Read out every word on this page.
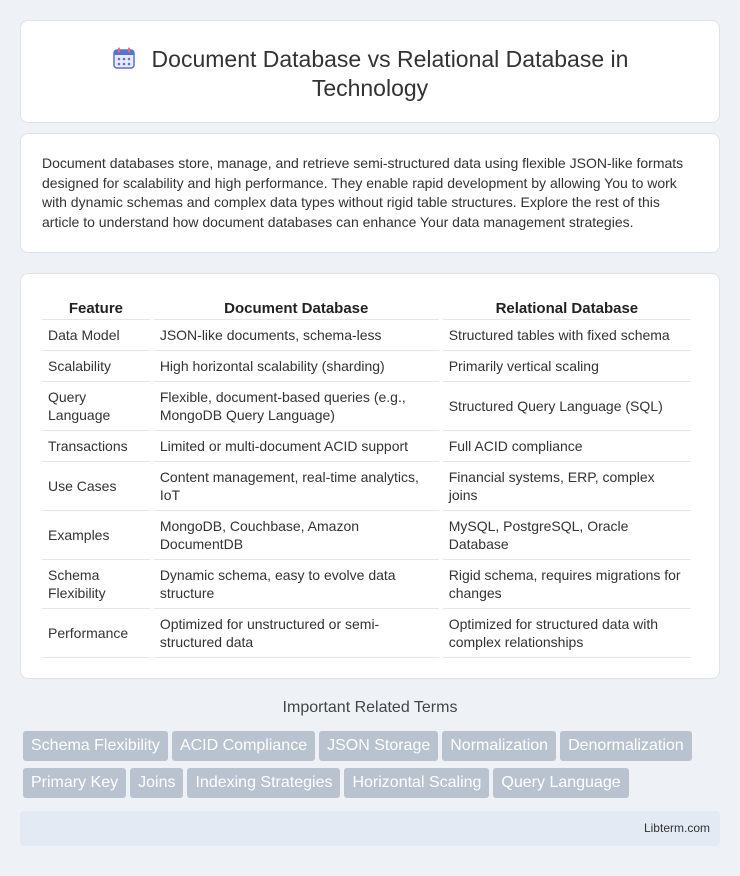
Document Database vs Relational Database in Technology

Document databases store, manage, and retrieve semi-structured data using flexible JSON-like formats designed for scalability and high performance. They enable rapid development by allowing You to work with dynamic schemas and complex data types without rigid table structures. Explore the rest of this article to understand how document databases can enhance Your data management strategies.

Feature	Document Database	Relational Database
Data Model	JSON-like documents, schema-less	Structured tables with fixed schema
Scalability	High horizontal scalability (sharding)	Primarily vertical scaling
Query Language	Flexible, document-based queries (e.g., MongoDB Query Language)	Structured Query Language (SQL)
Transactions	Limited or multi-document ACID support	Full ACID compliance
Use Cases	Content management, real-time analytics, IoT	Financial systems, ERP, complex joins
Examples	MongoDB, Couchbase, Amazon DocumentDB	MySQL, PostgreSQL, Oracle Database
Schema Flexibility	Dynamic schema, easy to evolve data structure	Rigid schema, requires migrations for changes
Performance	Optimized for unstructured or semi-structured data	Optimized for structured data with complex relationships
Important Related Terms
Schema Flexibility ACID Compliance JSON Storage Normalization Denormalization
Primary Key Joins Indexing Strategies Horizontal Scaling Query Language
Libterm.com
